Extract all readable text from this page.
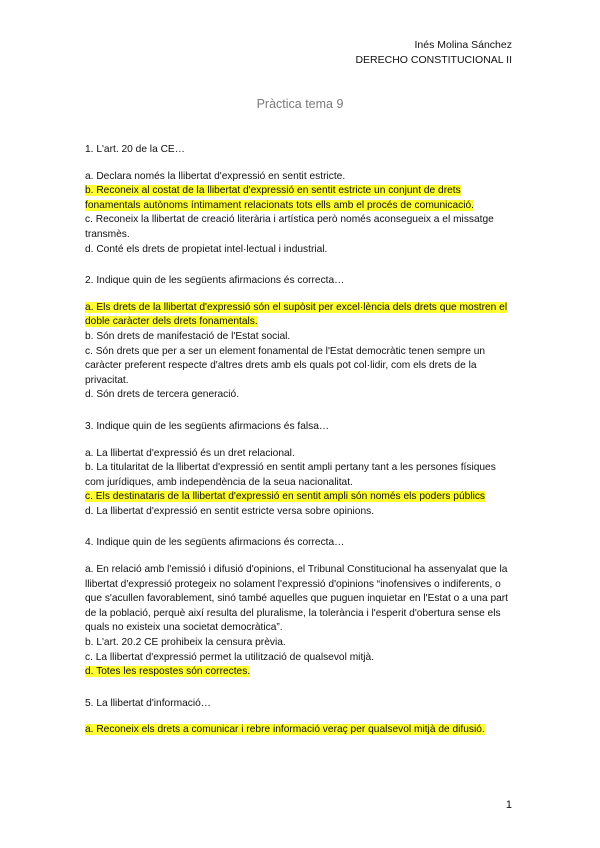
Inés Molina Sánchez
DERECHO CONSTITUCIONAL II
Pràctica tema 9

1. L'art. 20 de la CE…

a. Declara només la llibertat d'expressió en sentit estricte.

b. Reconeix al costat de la llibertat d'expressió en sentit estricte un conjunt de drets fonamentals autònoms íntimament relacionats tots ells amb el procés de comunicació.

c. Reconeix la llibertat de creació literària i artística però només aconsegueix a el missatge transmès.

d. Conté els drets de propietat intel·lectual i industrial.

2. Indique quin de les següents afirmacions és correcta…

a. Els drets de la llibertat d'expressió són el supòsit per excel·lència dels drets que mostren el doble caràcter dels drets fonamentals.

b. Són drets de manifestació de l'Estat social.

c. Són drets que per a ser un element fonamental de l'Estat democràtic tenen sempre un caràcter preferent respecte d'altres drets amb els quals pot col·lidir, com els drets de la privacitat.

d. Són drets de tercera generació.

3. Indique quin de les següents afirmacions és falsa…

a. La llibertat d'expressió és un dret relacional.

b. La titularitat de la llibertat d'expressió en sentit ampli pertany tant a les persones físiques com jurídiques, amb independència de la seua nacionalitat.

c. Els destinataris de la llibertat d'expressió en sentit ampli són només els poders públics

d. La llibertat d'expressió en sentit estricte versa sobre opinions.

4. Indique quin de les següents afirmacions és correcta…

a. En relació amb l'emissió i difusió d'opinions, el Tribunal Constitucional ha assenyalat que la llibertat d'expressió protegeix no solament l'expressió d'opinions “inofensives o indiferents, o que s'acullen favorablement, sinó també aquelles que puguen inquietar en l'Estat o a una part de la població, perquè així resulta del pluralisme, la tolerància i l'esperit d'obertura sense els quals no existeix una societat democràtica”.

b. L'art. 20.2 CE prohibeix la censura prèvia.

c. La llibertat d'expressió permet la utilització de qualsevol mitjà.

d. Totes les respostes són correctes.

5. La llibertat d'informació…

a. Reconeix els drets a comunicar i rebre informació veraç per qualsevol mitjà de difusió.

1
